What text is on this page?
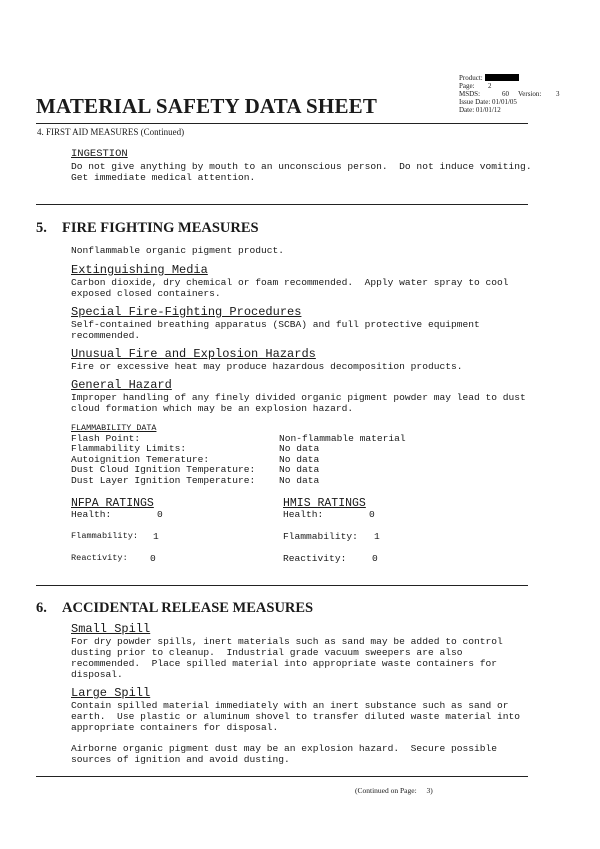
Product:
Page: 2
MSDS:	60 Version: 3
Issue Date: 01/01/05
Date: 01/01/12
MATERIAL SAFETY DATA SHEET
4. FIRST AID MEASURES (Continued)
INGESTION
Do not give anything by mouth to an unconscious person.  Do not induce vomiting.
Get immediate medical attention.
5. FIRE FIGHTING MEASURES
Nonflammable organic pigment product.
Extinguishing Media
Carbon dioxide, dry chemical or foam recommended.  Apply water spray to cool
exposed closed containers.
Special Fire-Fighting Procedures
Self-contained breathing apparatus (SCBA) and full protective equipment
recommended.
Unusual Fire and Explosion Hazards
Fire or excessive heat may produce hazardous decomposition products.
General Hazard
Improper handling of any finely divided organic pigment powder may lead to dust
cloud formation which may be an explosion hazard.
FLAMMABILITY DATA
Flash Point:	Non-flammable material
Flammability Limits:	No data
Autoignition Temerature:	No data
Dust Cloud Ignition Temperature: No data
Dust Layer Ignition Temperature: No data
NFPA RATINGS
Health:	0
Flammability: 1
Reactivity: 0
HMIS RATINGS
Health:	0
Flammability: 1
Reactivity:	0
6. ACCIDENTAL RELEASE MEASURES
Small Spill
For dry powder spills, inert materials such as sand may be added to control
dusting prior to cleanup.  Industrial grade vacuum sweepers are also
recommended.  Place spilled material into appropriate waste containers for
disposal.
Large Spill
Contain spilled material immediately with an inert substance such as sand or
earth.  Use plastic or aluminum shovel to transfer diluted waste material into
appropriate containers for disposal.
Airborne organic pigment dust may be an explosion hazard.  Secure possible
sources of ignition and avoid dusting.
(Continued on Page: 3)
